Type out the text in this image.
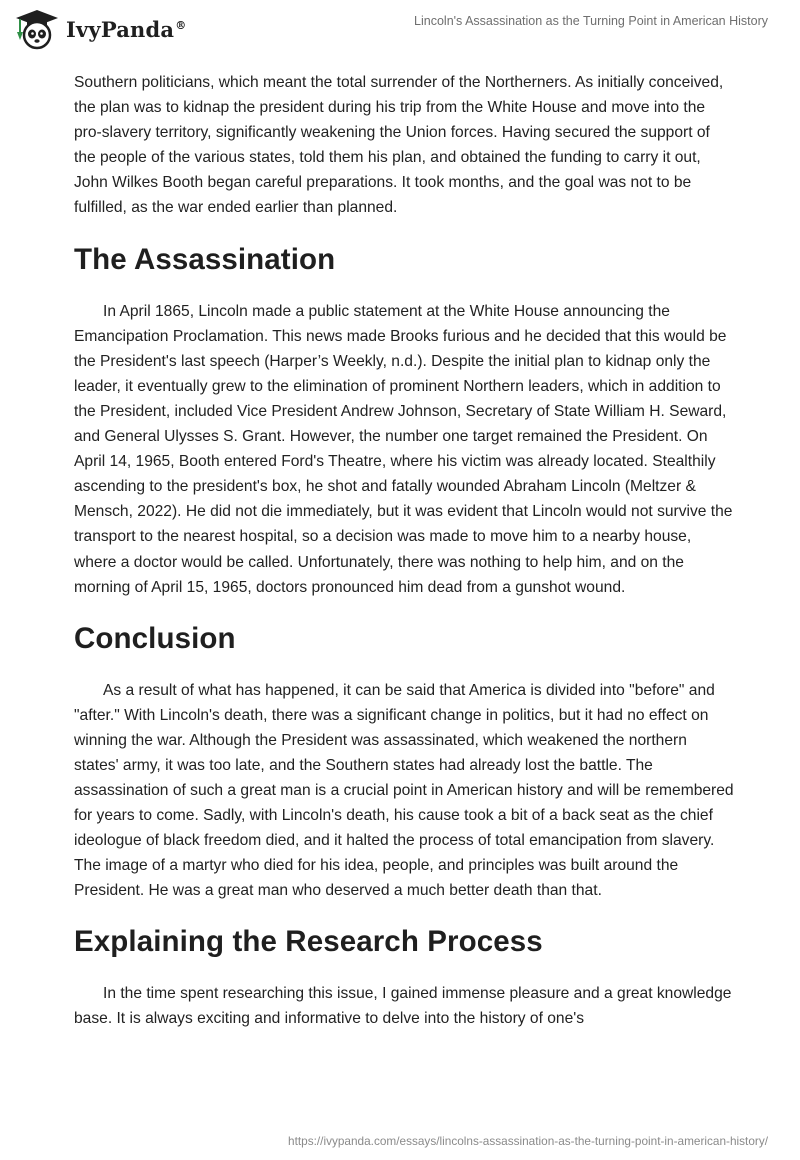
IvyPanda®	Lincoln's Assassination as the Turning Point in American History

Southern politicians, which meant the total surrender of the Northerners. As initially conceived, the plan was to kidnap the president during his trip from the White House and move into the pro-slavery territory, significantly weakening the Union forces. Having secured the support of the people of the various states, told them his plan, and obtained the funding to carry it out, John Wilkes Booth began careful preparations. It took months, and the goal was not to be fulfilled, as the war ended earlier than planned.

The Assassination

In April 1865, Lincoln made a public statement at the White House announcing the Emancipation Proclamation. This news made Brooks furious and he decided that this would be the President's last speech (Harper’s Weekly, n.d.). Despite the initial plan to kidnap only the leader, it eventually grew to the elimination of prominent Northern leaders, which in addition to the President, included Vice President Andrew Johnson, Secretary of State William H. Seward, and General Ulysses S. Grant. However, the number one target remained the President. On April 14, 1965, Booth entered Ford's Theatre, where his victim was already located. Stealthily ascending to the president's box, he shot and fatally wounded Abraham Lincoln (Meltzer & Mensch, 2022). He did not die immediately, but it was evident that Lincoln would not survive the transport to the nearest hospital, so a decision was made to move him to a nearby house, where a doctor would be called. Unfortunately, there was nothing to help him, and on the morning of April 15, 1965, doctors pronounced him dead from a gunshot wound.

Conclusion

As a result of what has happened, it can be said that America is divided into "before" and "after." With Lincoln's death, there was a significant change in politics, but it had no effect on winning the war. Although the President was assassinated, which weakened the northern states' army, it was too late, and the Southern states had already lost the battle. The assassination of such a great man is a crucial point in American history and will be remembered for years to come. Sadly, with Lincoln's death, his cause took a bit of a back seat as the chief ideologue of black freedom died, and it halted the process of total emancipation from slavery. The image of a martyr who died for his idea, people, and principles was built around the President. He was a great man who deserved a much better death than that.

Explaining the Research Process

In the time spent researching this issue, I gained immense pleasure and a great knowledge base. It is always exciting and informative to delve into the history of one's

https://ivypanda.com/essays/lincolns-assassination-as-the-turning-point-in-american-history/
